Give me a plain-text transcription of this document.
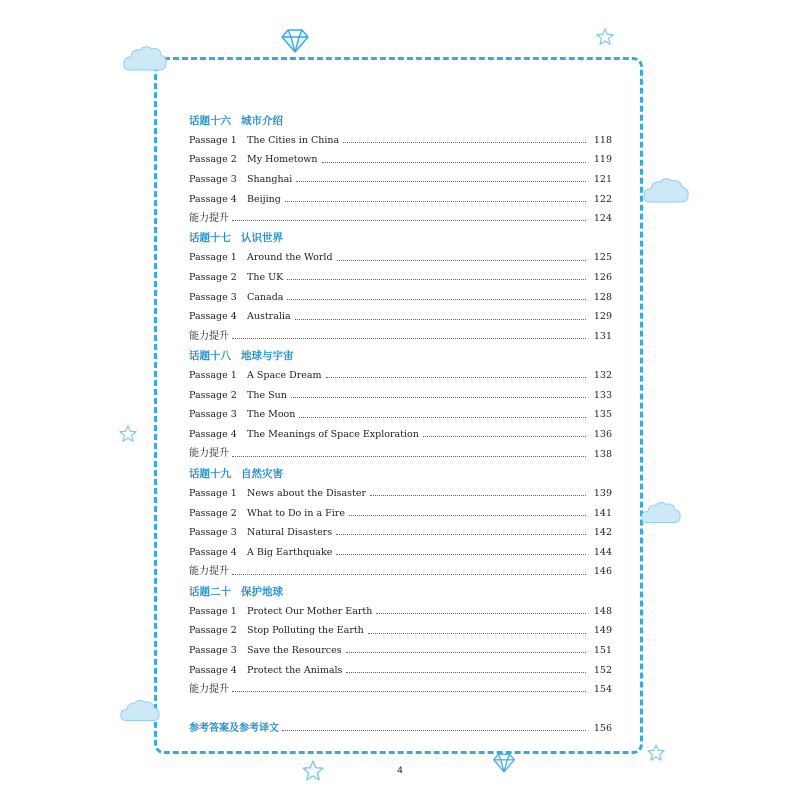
话题十六 城市介绍
Passage 1	The Cities in China	118
Passage 2	My Hometown	119
Passage 3	Shanghai	121
Passage 4	Beijing	122
能力提升	124
话题十七 认识世界
Passage 1	Around the World	125
Passage 2	The UK	126
Passage 3	Canada	128
Passage 4	Australia	129
能力提升	131
话题十八 地球与宇宙
Passage 1	A Space Dream	132
Passage 2	The Sun	133
Passage 3	The Moon	135
Passage 4	The Meanings of Space Exploration	136
能力提升	138
话题十九 自然灾害
Passage 1	News about the Disaster	139
Passage 2	What to Do in a Fire	141
Passage 3	Natural Disasters	142
Passage 4	A Big Earthquake	144
能力提升	146
话题二十 保护地球
Passage 1	Protect Our Mother Earth	148
Passage 2	Stop Polluting the Earth	149
Passage 3	Save the Resources	151
Passage 4	Protect the Animals	152
能力提升	154
参考答案及参考译文	156
4
